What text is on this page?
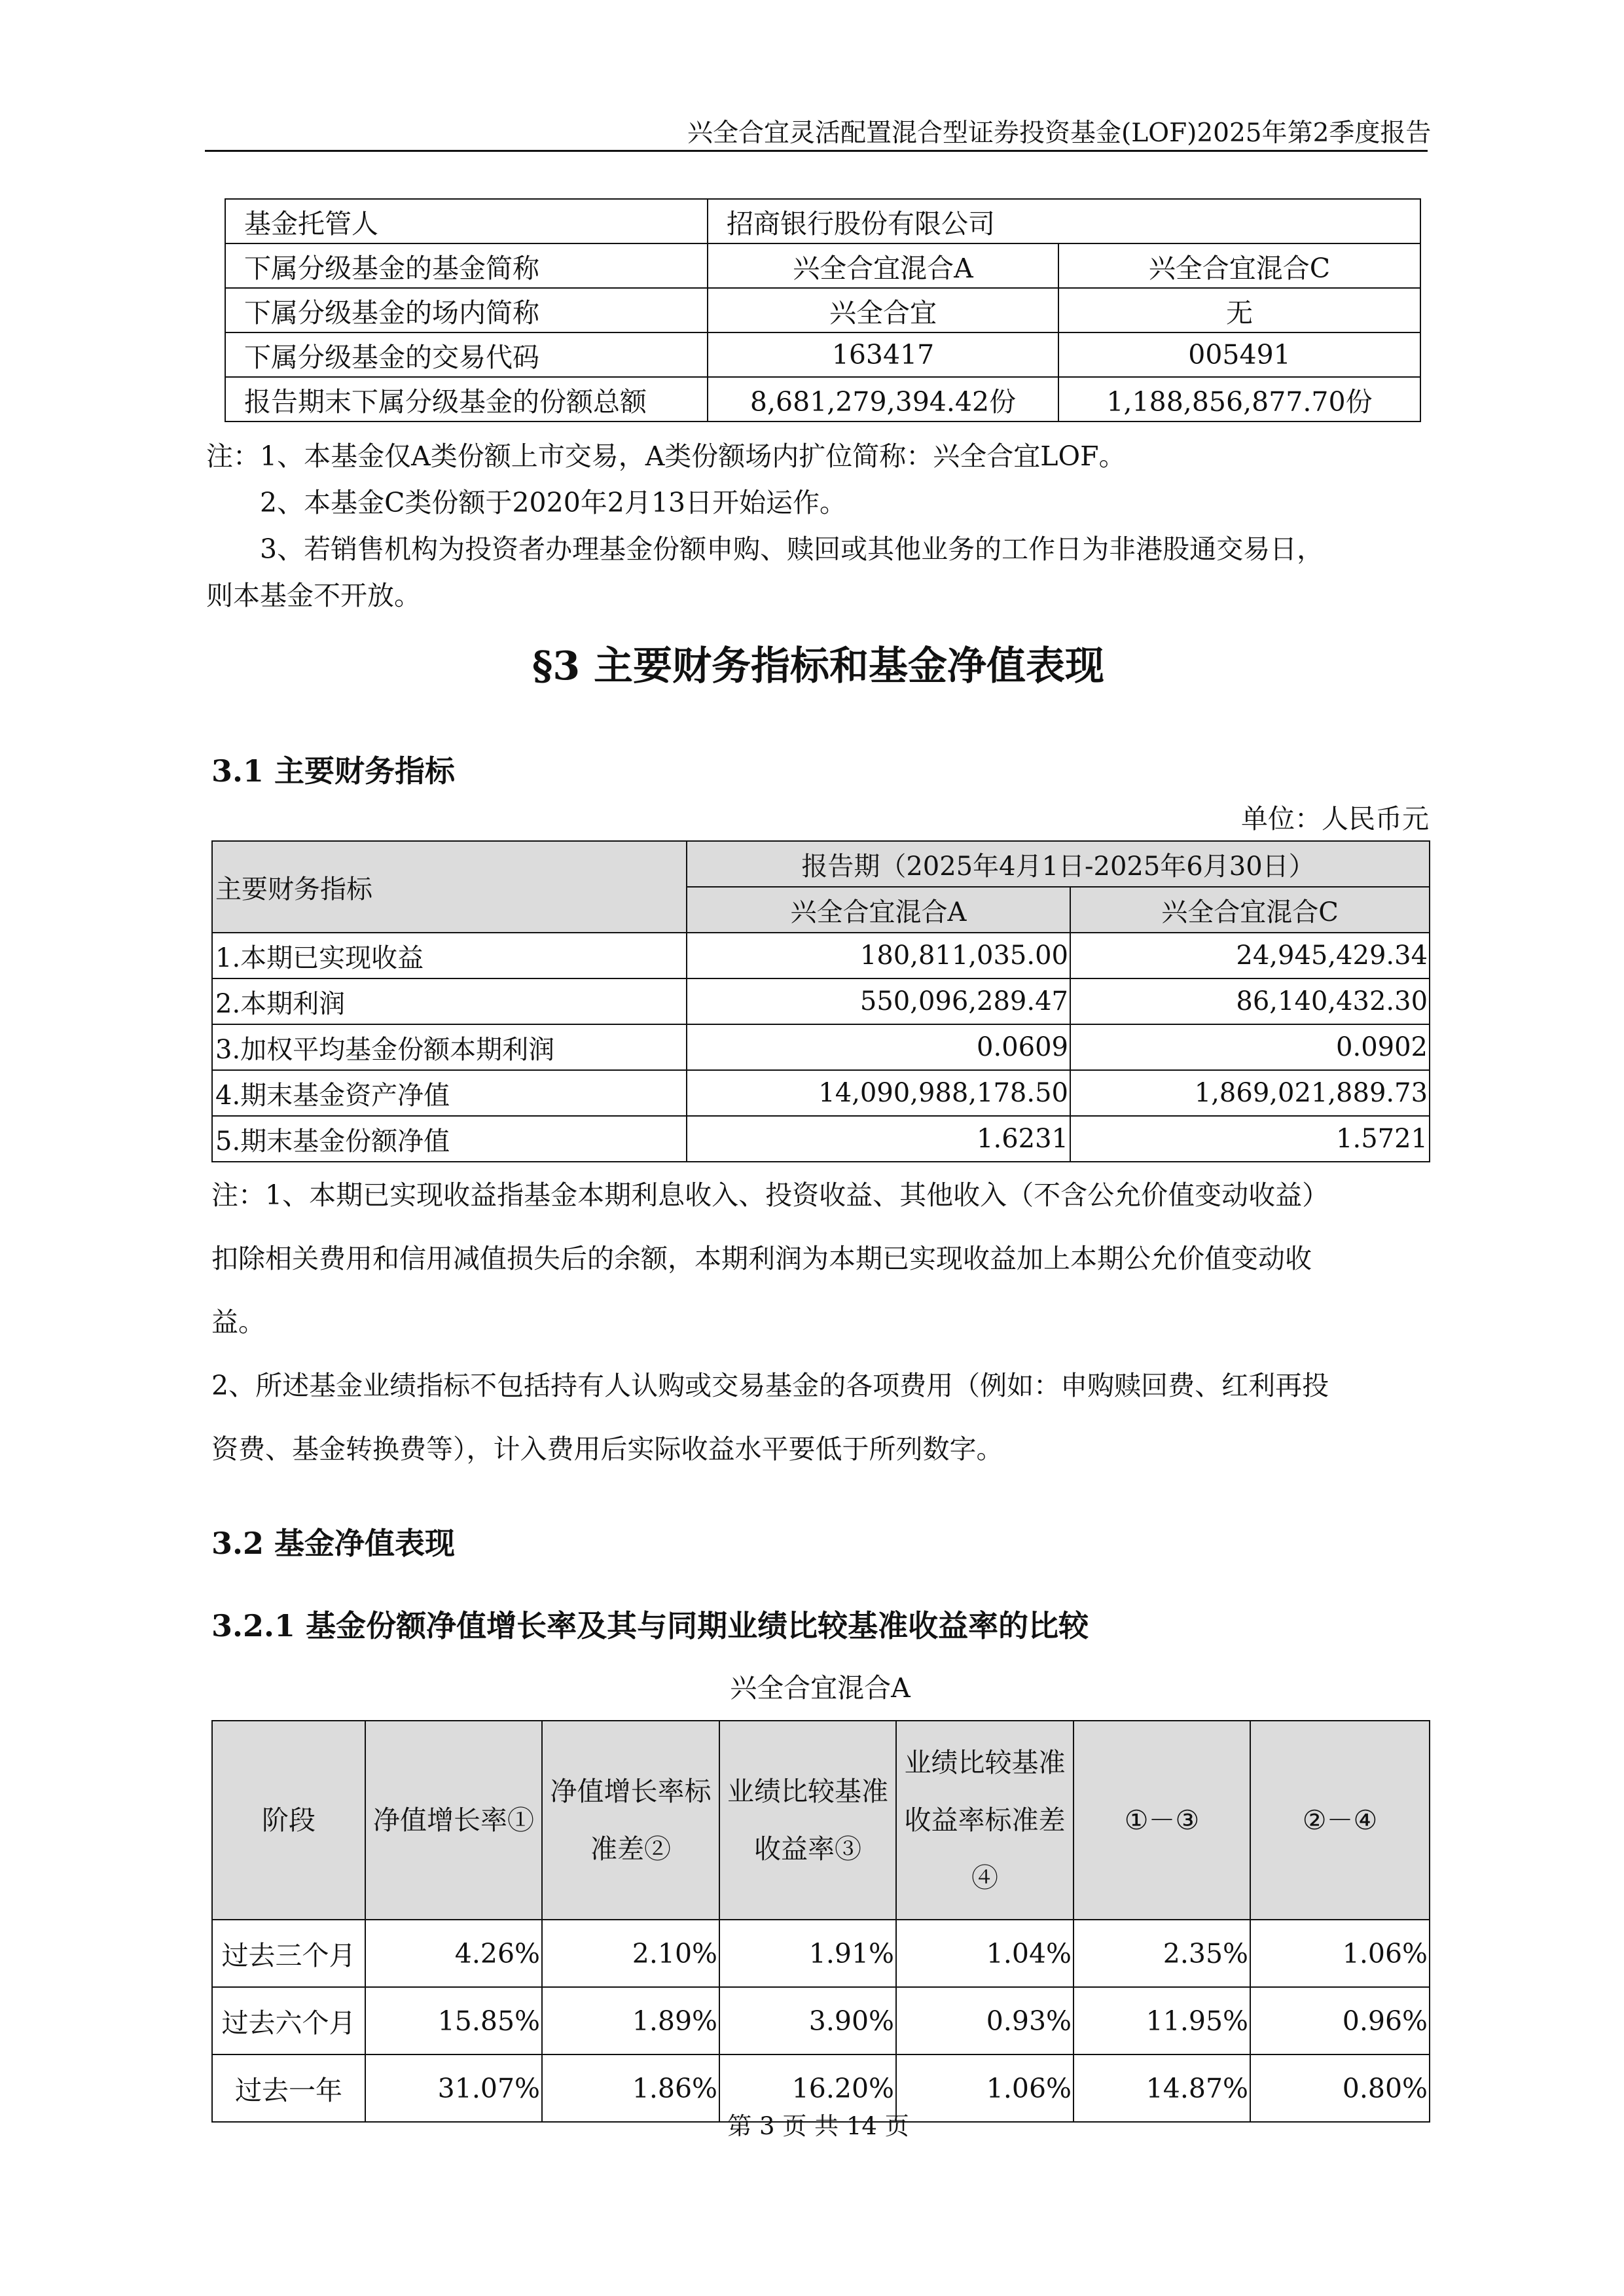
兴全合宜灵活配置混合型证券投资基金(LOF)2025年第2季度报告
基金托管人	招商银行股份有限公司	
下属分级基金的基金简称	兴全合宜混合A	兴全合宜混合C
下属分级基金的场内简称	兴全合宜	无
下属分级基金的交易代码	163417	005491
报告期末下属分级基金的份额总额	8,681,279,394.42份	1,188,856,877.70份

注：1、本基金仅A类份额上市交易，A类份额场内扩位简称：兴全合宜LOF。

2、本基金C类份额于2020年2月13日开始运作。

3、若销售机构为投资者办理基金份额申购、赎回或其他业务的工作日为非港股通交易日，

则本基金不开放。

§3 主要财务指标和基金净值表现
3.1 主要财务指标
单位：人民币元
主要财务指标	报告期（2025年4月1日-2025年6月30日）	
	兴全合宜混合A	兴全合宜混合C
1.本期已实现收益	180,811,035.00	24,945,429.34
2.本期利润	550,096,289.47	86,140,432.30
3.加权平均基金份额本期利润	0.0609	0.0902
4.期末基金资产净值	14,090,988,178.50	1,869,021,889.73
5.期末基金份额净值	1.6231	1.5721

注：1、本期已实现收益指基金本期利息收入、投资收益、其他收入（不含公允价值变动收益）

扣除相关费用和信用减值损失后的余额，本期利润为本期已实现收益加上本期公允价值变动收

益。

2、所述基金业绩指标不包括持有人认购或交易基金的各项费用（例如：申购赎回费、红利再投

资费、基金转换费等），计入费用后实际收益水平要低于所列数字。

3.2 基金净值表现
3.2.1 基金份额净值增长率及其与同期业绩比较基准收益率的比较
兴全合宜混合A
阶段	净值增长率①	净值增长率标准差②	业绩比较基准收益率③	业绩比较基准收益率标准差④	①－③	②－④
过去三个月	4.26%	2.10%	1.91%	1.04%	2.35%	1.06%
过去六个月	15.85%	1.89%	3.90%	0.93%	11.95%	0.96%
过去一年	31.07%	1.86%	16.20%	1.06%	14.87%	0.80%
第 3 页 共 14 页
